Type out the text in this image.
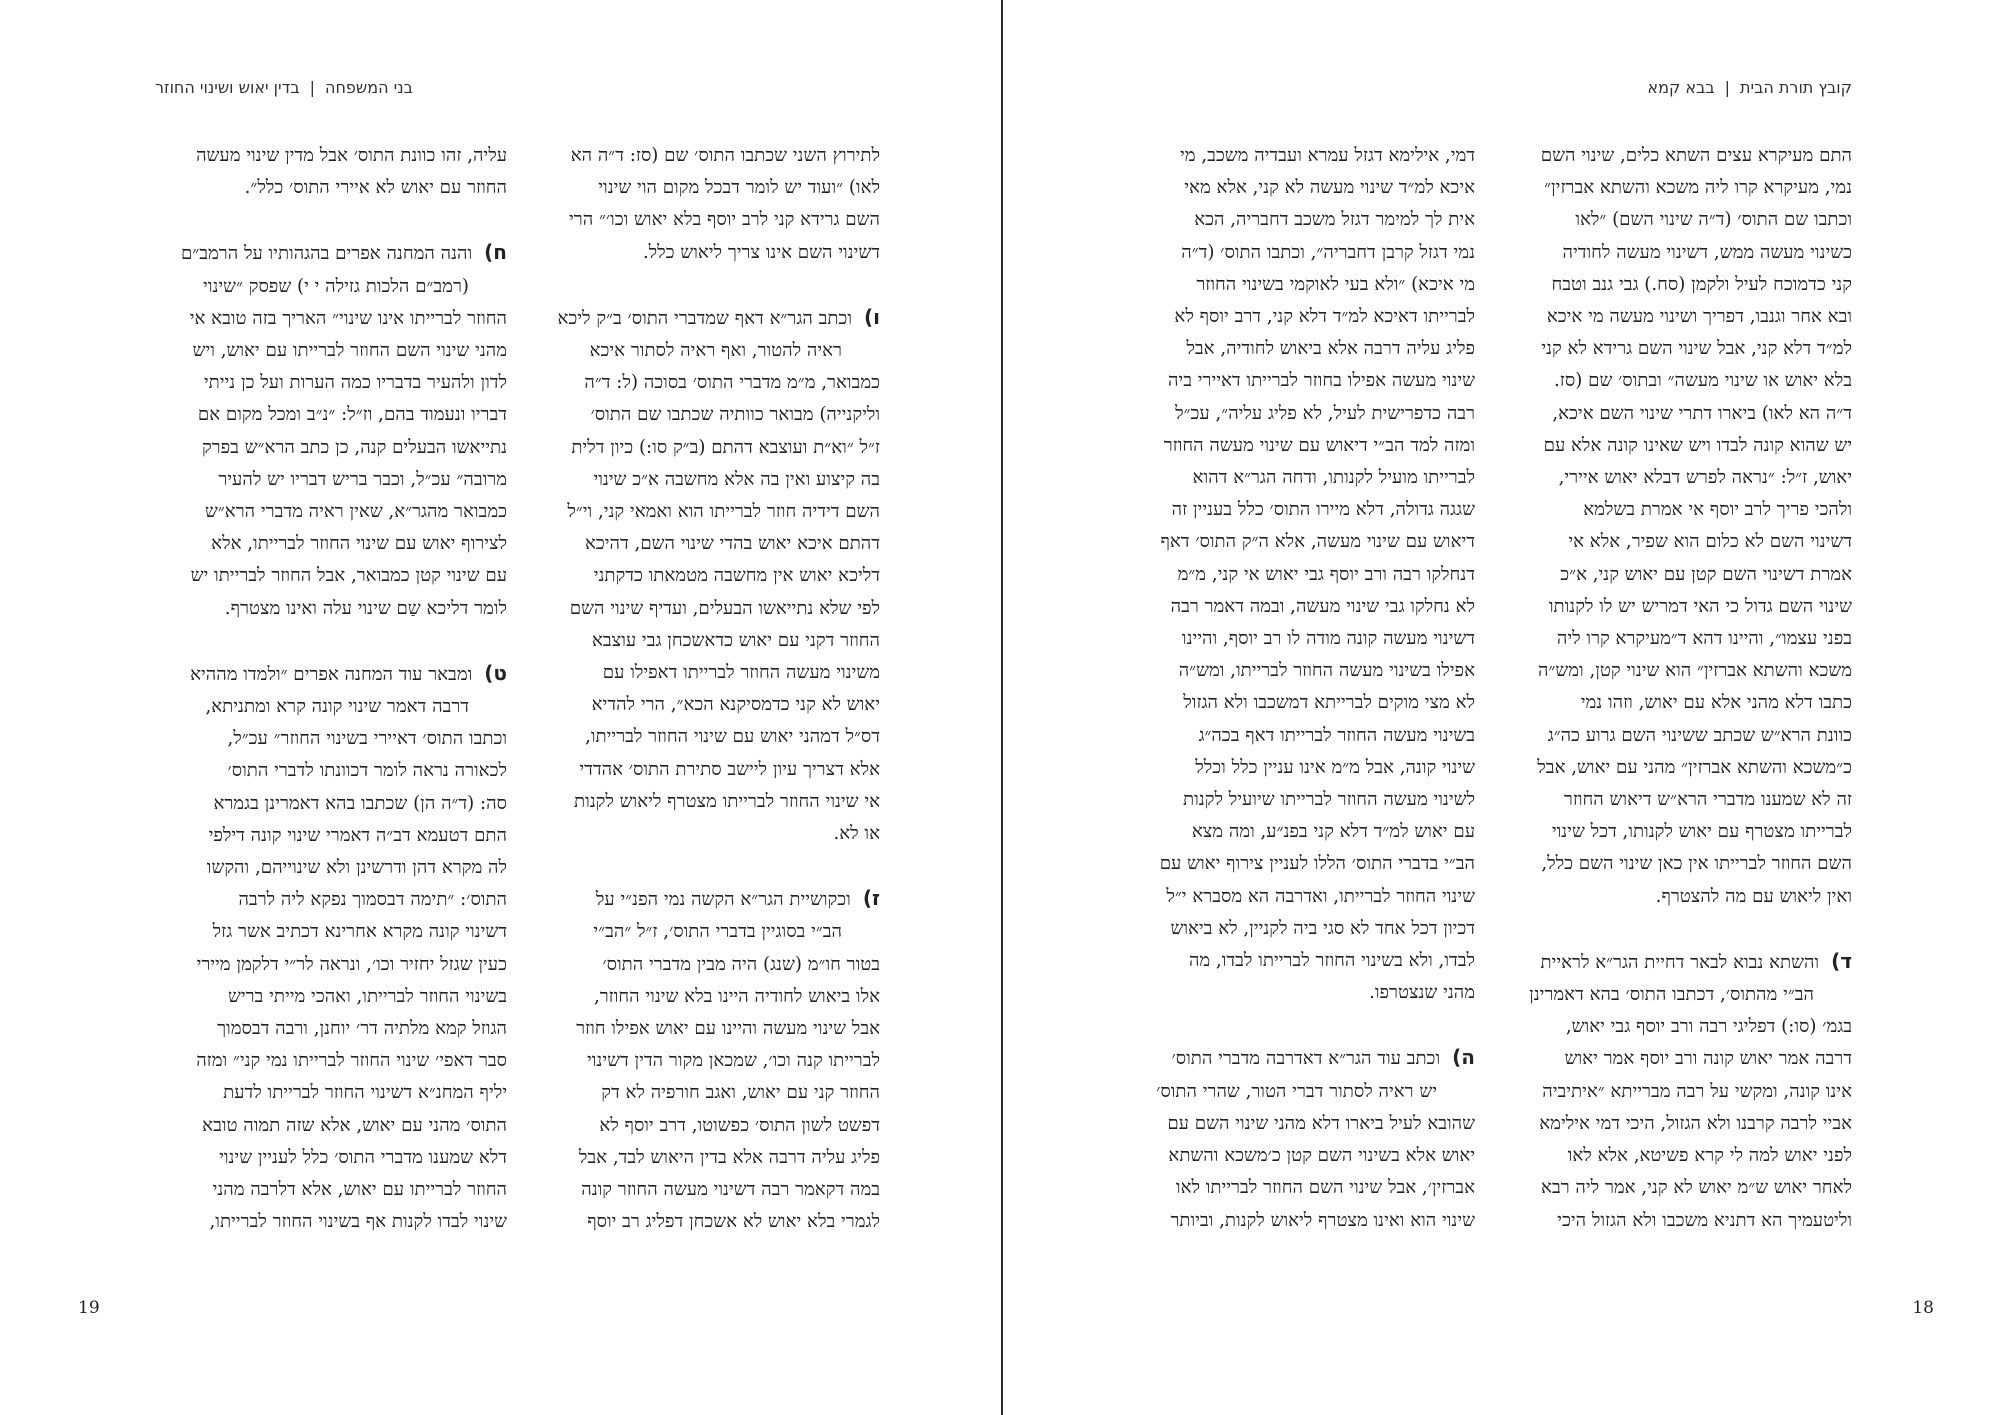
בני המשפחה|בדין יאוש ושינוי החוזר

לתירוץ השני שכתבו התוס׳ שם (סז: ד״ה הא

לאו) ״ועוד יש לומר דבכל מקום הוי שינוי

השם גרידא קני לרב יוסף בלא יאוש וכו׳״ הרי

דשינוי השם אינו צריך ליאוש כלל.

ו)וכתב הגר״א דאף שמדברי התוס׳ ב״ק ליכא

ראיה להטור, ואף ראיה לסתור איכא

כמבואר, מ״מ מדברי התוס׳ בסוכה (ל: ד״ה

וליקנייה) מבואר כוותיה שכתבו שם התוס׳

ז״ל ״וא״ת ועוצבא דהתם (ב״ק סו:) כיון דלית

בה קיצוע ואין בה אלא מחשבה א״כ שינוי

השם דידיה חוזר לברייתו הוא ואמאי קני, וי״ל

דהתם איכא יאוש בהדי שינוי השם, דהיכא

דליכא יאוש אין מחשבה מטמאתו כדקתני

לפי שלא נתייאשו הבעלים, ועדיף שינוי השם

החוזר דקני עם יאוש כדאשכחן גבי עוצבא

משינוי מעשה החוזר לברייתו דאפילו עם

יאוש לא קני כדמסיקנא הכא״, הרי להדיא

דס״ל דמהני יאוש עם שינוי החוזר לברייתו,

אלא דצריך עיון ליישב סתירת התוס׳ אהדדי

אי שינוי החוזר לברייתו מצטרף ליאוש לקנות

או לא.

ז)וכקושיית הגר״א הקשה נמי הפנ״י על

הב״י בסוגיין בדברי התוס׳, ז״ל ״הב״י

בטור חו״מ (שנג) היה מבין מדברי התוס׳

אלו ביאוש לחודיה היינו בלא שינוי החוזר,

אבל שינוי מעשה והיינו עם יאוש אפילו חוזר

לברייתו קנה וכו׳, שמכאן מקור הדין דשינוי

החוזר קני עם יאוש, ואגב חורפיה לא דק

דפשט לשון התוס׳ כפשוטו, דרב יוסף לא

פליג עליה דרבה אלא בדין היאוש לבד, אבל

במה דקאמר רבה דשינוי מעשה החוזר קונה

לגמרי בלא יאוש לא אשכחן דפליג רב יוסף

עליה, זהו כוונת התוס׳ אבל מדין שינוי מעשה

החוזר עם יאוש לא איירי התוס׳ כלל״.

ח)והנה המחנה אפרים בהגהותיו על הרמב״ם

(רמב״ם הלכות גזילה י י) שפסק ״שינוי

החוזר לברייתו אינו שינוי״ האריך בזה טובא אי

מהני שינוי השם החוזר לברייתו עם יאוש, ויש

לדון ולהעיר בדבריו כמה הערות ועל כן נייתי

דבריו ונעמוד בהם, וז״ל: ״נ״ב ומכל מקום אם

נתייאשו הבעלים קנה, כן כתב הרא״ש בפרק

מרובה״ עכ״ל, וכבר בריש דבריו יש להעיר

כמבואר מהגר״א, שאין ראיה מדברי הרא״ש

לצירוף יאוש עם שינוי החוזר לברייתו, אלא

עם שינוי קטן כמבואר, אבל החוזר לברייתו יש

לומר דליכא שַם שינוי עלה ואינו מצטרף.

ט)ומבאר עוד המחנה אפרים ״ולמדו מההיא

דרבה דאמר שינוי קונה קרא ומתניתא,

וכתבו התוס׳ דאיירי בשינוי החוזר״ עכ״ל,

לכאורה נראה לומר דכוונתו לדברי התוס׳

סה: (ד״ה הן) שכתבו בהא דאמרינן בגמרא

התם דטעמא דב״ה דאמרי שינוי קונה דילפי

לה מקרא דהן ודרשינן ולא שינוייהם, והקשו

התוס׳: ״תימה דבסמוך נפקא ליה לרבה

דשינוי קונה מקרא אחרינא דכתיב אשר גזל

כעין שגזל יחזיר וכו׳, ונראה לר״י דלקמן מיירי

בשינוי החוזר לברייתו, ואהכי מייתי בריש

הגוזל קמא מלתיה דר׳ יוחנן, ורבה דבסמוך

סבר דאפי׳ שינוי החוזר לברייתו נמי קני״ ומזה

יליף המחנ״א דשינוי החוזר לברייתו לדעת

התוס׳ מהני עם יאוש, אלא שזה תמוה טובא

דלא שמענו מדברי התוס׳ כלל לעניין שינוי

החוזר לברייתו עם יאוש, אלא דלרבה מהני

שינוי לבדו לקנות אף בשינוי החוזר לברייתו,

19
קובץ תורת הבית|בבא קמא

התם מעיקרא עצים השתא כלים, שינוי השם

נמי, מעיקרא קרו ליה משכא והשתא אברזין״

וכתבו שם התוס׳ (ד״ה שינוי השם) ״לאו

כשינוי מעשה ממש, דשינוי מעשה לחודיה

קני כדמוכח לעיל ולקמן (סח.) גבי גנב וטבח

ובא אחר וגנבו, דפריך ושינוי מעשה מי איכא

למ״ד דלא קני, אבל שינוי השם גרידא לא קני

בלא יאוש או שינוי מעשה״ ובתוס׳ שם (סז.

ד״ה הא לאו) ביארו דתרי שינוי השם איכא,

יש שהוא קונה לבדו ויש שאינו קונה אלא עם

יאוש, ז״ל: ״נראה לפרש דבלא יאוש איירי,

ולהכי פריך לרב יוסף אי אמרת בשלמא

דשינוי השם לא כלום הוא שפיר, אלא אי

אמרת דשינוי השם קטן עם יאוש קני, א״כ

שינוי השם גדול כי האי דמריש יש לו לקנותו

בפני עצמו״, והיינו דהא ד״מעיקרא קרו ליה

משכא והשתא אברזין״ הוא שינוי קטן, ומש״ה

כתבו דלא מהני אלא עם יאוש, וזהו נמי

כוונת הרא״ש שכתב ששינוי השם גרוע כה״ג

כ״משכא והשתא אברזין״ מהני עם יאוש, אבל

זה לא שמענו מדברי הרא״ש דיאוש החוזר

לברייתו מצטרף עם יאוש לקנותו, דכל שינוי

השם החוזר לברייתו אין כאן שינוי השם כלל,

ואין ליאוש עם מה להצטרף.

ד)והשתא נבוא לבאר דחיית הגר״א לראיית

הב״י מהתוס׳, דכתבו התוס׳ בהא דאמרינן

בגמ׳ (סו:) דפליגי רבה ורב יוסף גבי יאוש,

דרבה אמר יאוש קונה ורב יוסף אמר יאוש

אינו קונה, ומקשי על רבה מברייתא ״איתיביה

אביי לרבה קרבנו ולא הגזול, היכי דמי אילימא

לפני יאוש למה לי קרא פשיטא, אלא לאו

לאחר יאוש ש״מ יאוש לא קני, אמר ליה רבא

וליטעמיך הא דתניא משכבו ולא הגזול היכי

דמי, אילימא דגזל עמרא ועבדיה משכב, מי

איכא למ״ד שינוי מעשה לא קני, אלא מאי

אית לך למימר דגזל משכב דחבריה, הכא

נמי דגזל קרבן דחבריה״, וכתבו התוס׳ (ד״ה

מי איכא) ״ולא בעי לאוקמי בשינוי החוזר

לברייתו דאיכא למ״ד דלא קני, דרב יוסף לא

פליג עליה דרבה אלא ביאוש לחודיה, אבל

שינוי מעשה אפילו בחוזר לברייתו דאיירי ביה

רבה כדפרישית לעיל, לא פליג עליה״, עכ״ל

ומזה למד הב״י דיאוש עם שינוי מעשה החוזר

לברייתו מועיל לקנותו, ודחה הגר״א דהוא

שגגה גדולה, דלא מיירו התוס׳ כלל בעניין זה

דיאוש עם שינוי מעשה, אלא ה״ק התוס׳ דאף

דנחלקו רבה ורב יוסף גבי יאוש אי קני, מ״מ

לא נחלקו גבי שינוי מעשה, ובמה דאמר רבה

דשינוי מעשה קונה מודה לו רב יוסף, והיינו

אפילו בשינוי מעשה החוזר לברייתו, ומש״ה

לא מצי מוקים לברייתא דמשכבו ולא הגזול

בשינוי מעשה החוזר לברייתו דאף בכה״ג

שינוי קונה, אבל מ״מ אינו עניין כלל וכלל

לשינוי מעשה החוזר לברייתו שיועיל לקנות

עם יאוש למ״ד דלא קני בפנ״ע, ומה מצא

הב״י בדברי התוס׳ הללו לעניין צירוף יאוש עם

שינוי החוזר לברייתו, ואדרבה הא מסברא י״ל

דכיון דכל אחד לא סגי ביה לקניין, לא ביאוש

לבדו, ולא בשינוי החוזר לברייתו לבדו, מה

מהני שנצטרפו.

ה)וכתב עוד הגר״א דאדרבה מדברי התוס׳

יש ראיה לסתור דברי הטור, שהרי התוס׳

שהובא לעיל ביארו דלא מהני שינוי השם עם

יאוש אלא בשינוי השם קטן כ׳משכא והשתא

אברזין׳, אבל שינוי השם החוזר לברייתו לאו

שינוי הוא ואינו מצטרף ליאוש לקנות, וביותר

18
